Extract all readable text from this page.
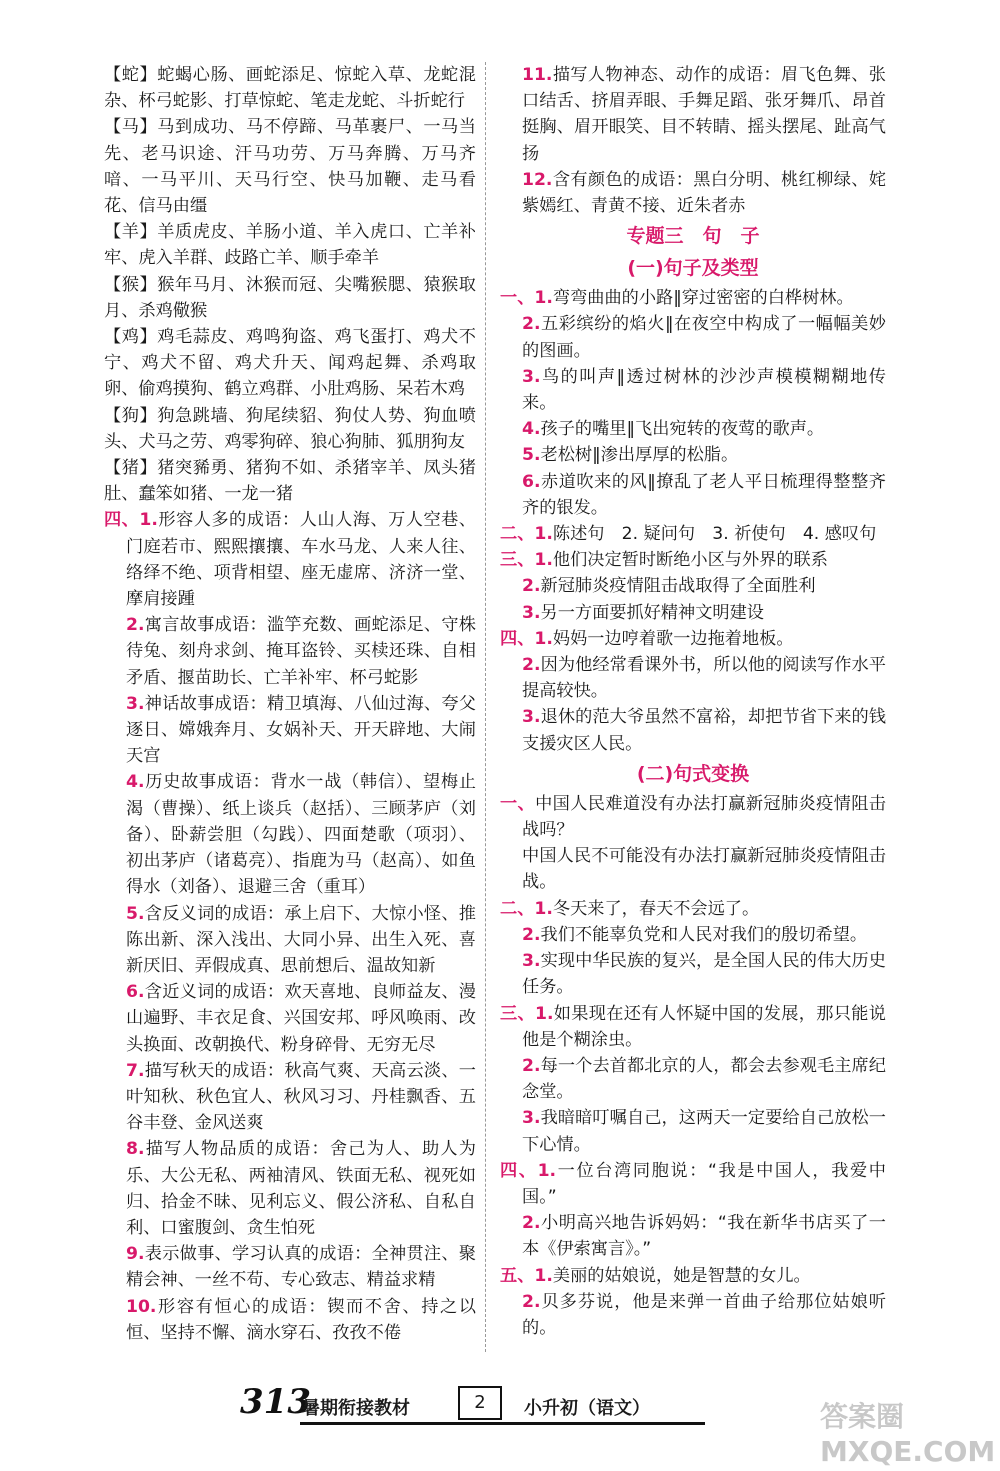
【蛇】蛇蝎心肠、画蛇添足、惊蛇入草、龙蛇混杂、杯弓蛇影、打草惊蛇、笔走龙蛇、斗折蛇行

【马】马到成功、马不停蹄、马革裹尸、一马当先、老马识途、汗马功劳、万马奔腾、万马齐喑、一马平川、天马行空、快马加鞭、走马看花、信马由缰

【羊】羊质虎皮、羊肠小道、羊入虎口、亡羊补牢、虎入羊群、歧路亡羊、顺手牵羊

【猴】猴年马月、沐猴而冠、尖嘴猴腮、猿猴取月、杀鸡儆猴

【鸡】鸡毛蒜皮、鸡鸣狗盗、鸡飞蛋打、鸡犬不宁、鸡犬不留、鸡犬升天、闻鸡起舞、杀鸡取卵、偷鸡摸狗、鹤立鸡群、小肚鸡肠、呆若木鸡

【狗】狗急跳墙、狗尾续貂、狗仗人势、狗血喷头、犬马之劳、鸡零狗碎、狼心狗肺、狐朋狗友

【猪】猪突豨勇、猪狗不如、杀猪宰羊、凤头猪肚、蠢笨如猪、一龙一猪

四、1.形容人多的成语：人山人海、万人空巷、门庭若市、熙熙攘攘、车水马龙、人来人往、络绎不绝、项背相望、座无虚席、济济一堂、摩肩接踵

2.寓言故事成语：滥竽充数、画蛇添足、守株待兔、刻舟求剑、掩耳盗铃、买椟还珠、自相矛盾、揠苗助长、亡羊补牢、杯弓蛇影

3.神话故事成语：精卫填海、八仙过海、夸父逐日、嫦娥奔月、女娲补天、开天辟地、大闹天宫

4.历史故事成语：背水一战（韩信）、望梅止渴（曹操）、纸上谈兵（赵括）、三顾茅庐（刘备）、卧薪尝胆（勾践）、四面楚歌（项羽）、初出茅庐（诸葛亮）、指鹿为马（赵高）、如鱼得水（刘备）、退避三舍（重耳）

5.含反义词的成语：承上启下、大惊小怪、推陈出新、深入浅出、大同小异、出生入死、喜新厌旧、弄假成真、思前想后、温故知新

6.含近义词的成语：欢天喜地、良师益友、漫山遍野、丰衣足食、兴国安邦、呼风唤雨、改头换面、改朝换代、粉身碎骨、无穷无尽

7.描写秋天的成语：秋高气爽、天高云淡、一叶知秋、秋色宜人、秋风习习、丹桂飘香、五谷丰登、金风送爽

8.描写人物品质的成语：舍己为人、助人为乐、大公无私、两袖清风、铁面无私、视死如归、拾金不昧、见利忘义、假公济私、自私自利、口蜜腹剑、贪生怕死

9.表示做事、学习认真的成语：全神贯注、聚精会神、一丝不苟、专心致志、精益求精

10.形容有恒心的成语：锲而不舍、持之以恒、坚持不懈、滴水穿石、孜孜不倦

11.描写人物神态、动作的成语：眉飞色舞、张口结舌、挤眉弄眼、手舞足蹈、张牙舞爪、昂首挺胸、眉开眼笑、目不转睛、摇头摆尾、趾高气扬

12.含有颜色的成语：黑白分明、桃红柳绿、姹紫嫣红、青黄不接、近朱者赤

专题三　句　子
(一)句子及类型

一、1.弯弯曲曲的小路‖穿过密密的白桦树林。

2.五彩缤纷的焰火‖在夜空中构成了一幅幅美妙的图画。

3.鸟的叫声‖透过树林的沙沙声模模糊糊地传来。

4.孩子的嘴里‖飞出宛转的夜莺的歌声。

5.老松树‖渗出厚厚的松脂。

6.赤道吹来的风‖撩乱了老人平日梳理得整整齐齐的银发。

二、1.陈述句　2. 疑问句　3. 祈使句　4. 感叹句

三、1.他们决定暂时断绝小区与外界的联系

2.新冠肺炎疫情阻击战取得了全面胜利

3.另一方面要抓好精神文明建设

四、1.妈妈一边哼着歌一边拖着地板。

2.因为他经常看课外书，所以他的阅读写作水平提高较快。

3.退休的范大爷虽然不富裕，却把节省下来的钱支援灾区人民。

(二)句式变换

一、中国人民难道没有办法打赢新冠肺炎疫情阻击战吗？

中国人民不可能没有办法打赢新冠肺炎疫情阻击战。

二、1.冬天来了，春天不会远了。

2.我们不能辜负党和人民对我们的殷切希望。

3.实现中华民族的复兴，是全国人民的伟大历史任务。

三、1.如果现在还有人怀疑中国的发展，那只能说他是个糊涂虫。

2.每一个去首都北京的人，都会去参观毛主席纪念堂。

3.我暗暗叮嘱自己，这两天一定要给自己放松一下心情。

四、1.一位台湾同胞说：“我是中国人，我爱中国。”

2.小明高兴地告诉妈妈：“我在新华书店买了一本《伊索寓言》。”

五、1.美丽的姑娘说，她是智慧的女儿。

2.贝多芬说，他是来弹一首曲子给那位姑娘听的。

313
暑期衔接教材	2	小升初（语文）	答案圈 MXQE.COM
